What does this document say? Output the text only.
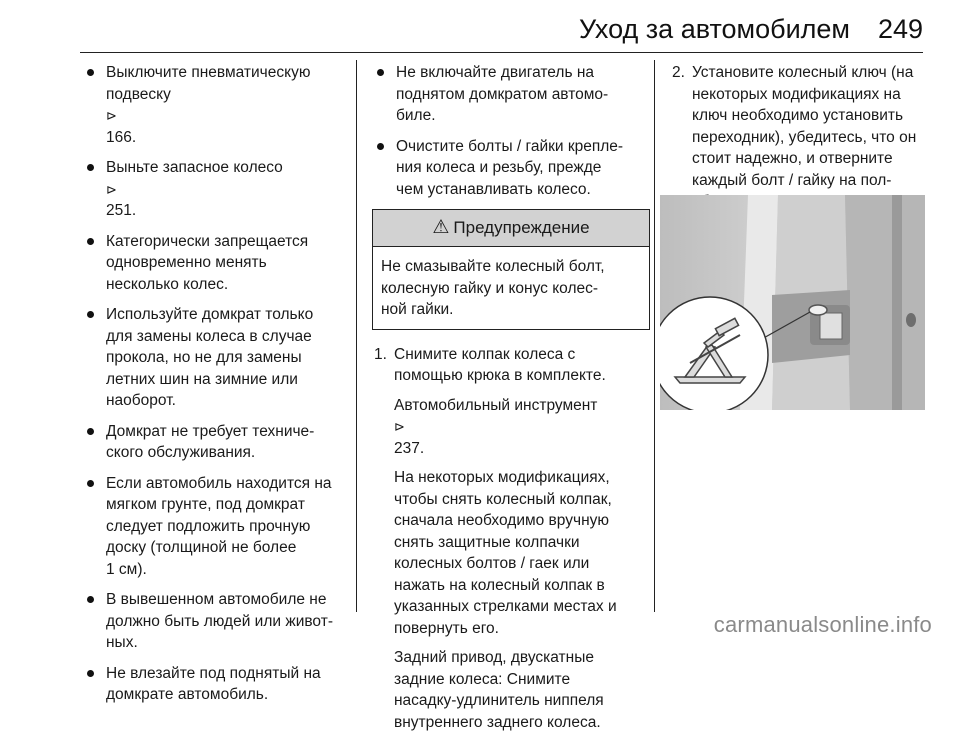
Уход за автомобилем 249
Выключите пневматическую
подвеску
⊳
166.
Выньте запасное колесо
⊳
251.
Категорически запрещается
одновременно менять
несколько колес.
Используйте домкрат только
для замены колеса в случае
прокола, но не для замены
летних шин на зимние или
наоборот.
Домкрат не требует техниче‐
ского обслуживания.
Если автомобиль находится на
мягком грунте, под домкрат
следует подложить прочную
доску (толщиной не более
1 см).
В вывешенном автомобиле не
должно быть людей или живот‐
ных.
Не влезайте под поднятый на
домкрате автомобиль.
Не включайте двигатель на
поднятом домкратом автомо‐
биле.
Очистите болты / гайки крепле‐
ния колеса и резьбу, прежде
чем устанавливать колесо.
⚠ Предупреждение
Не смазывайте колесный болт,
колесную гайку и конус колес‐
ной гайки.
1. Снимите колпак колеса с
помощью крюка в комплекте.

Автомобильный инструмент
⊳
237.

На некоторых модификациях,
чтобы снять колесный колпак,
сначала необходимо вручную
снять защитные колпачки
колесных болтов / гаек или
нажать на колесный колпак в
указанных стрелками местах и
повернуть его.

Задний привод, двускатные
задние колеса: Снимите
насадку-удлинитель ниппеля
внутреннего заднего колеса.

2. Установите колесный ключ (на
некоторых модификациях на
ключ необходимо установить
переходник), убедитесь, что он
стоит надежно, и отверните
каждый болт / гайку на пол‐

carmanualsonline.info
